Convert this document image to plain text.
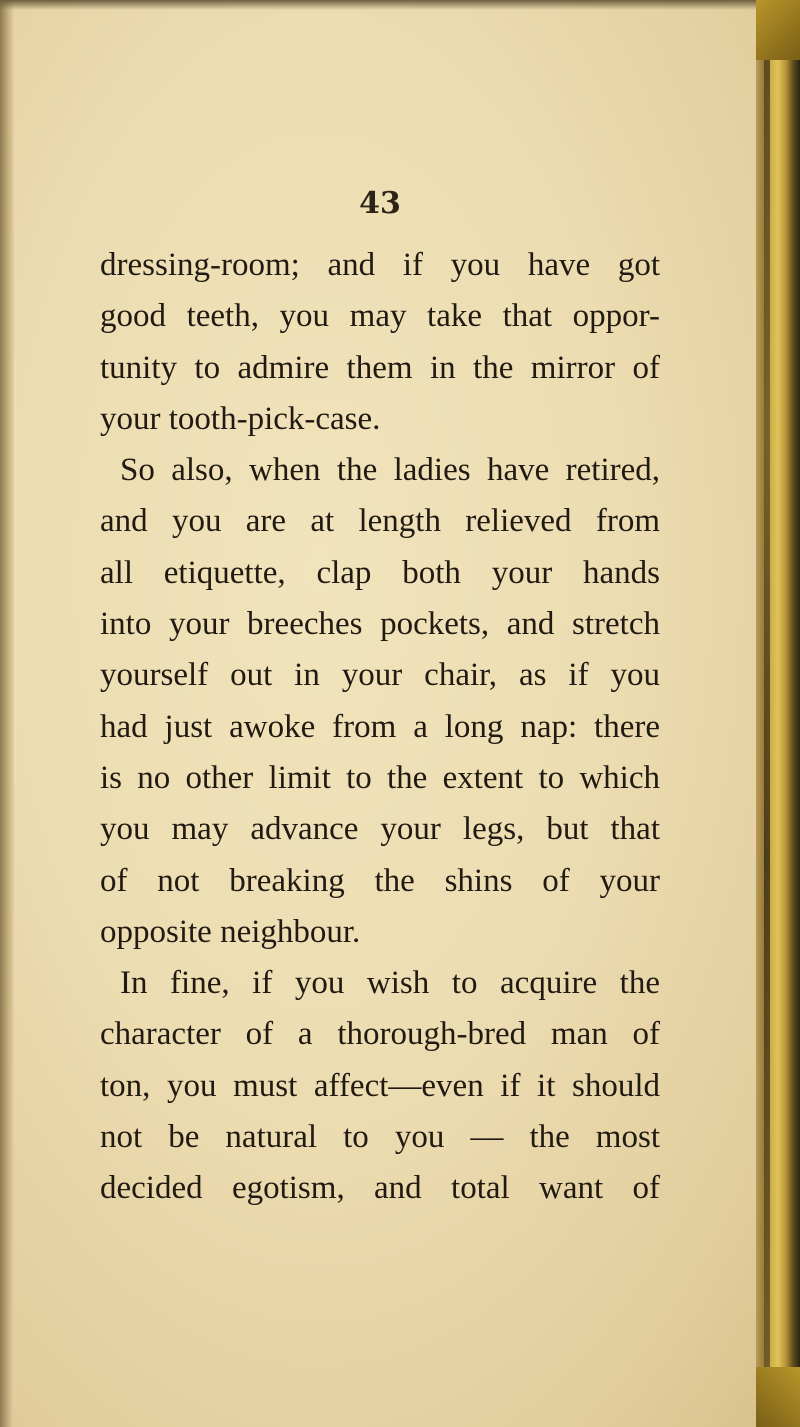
43
dressing-room; and if you have got
good teeth, you may take that oppor-
tunity to admire them in the mirror of
your tooth-pick-case.
So also, when the ladies have retired,
and you are at length relieved from
all etiquette, clap both your hands
into your breeches pockets, and stretch
yourself out in your chair, as if you
had just awoke from a long nap: there
is no other limit to the extent to which
you may advance your legs, but that
of not breaking the shins of your
opposite neighbour.
In fine, if you wish to acquire the
character of a thorough-bred man of
ton, you must affect—even if it should
not be natural to you — the most
decided egotism, and total want of
